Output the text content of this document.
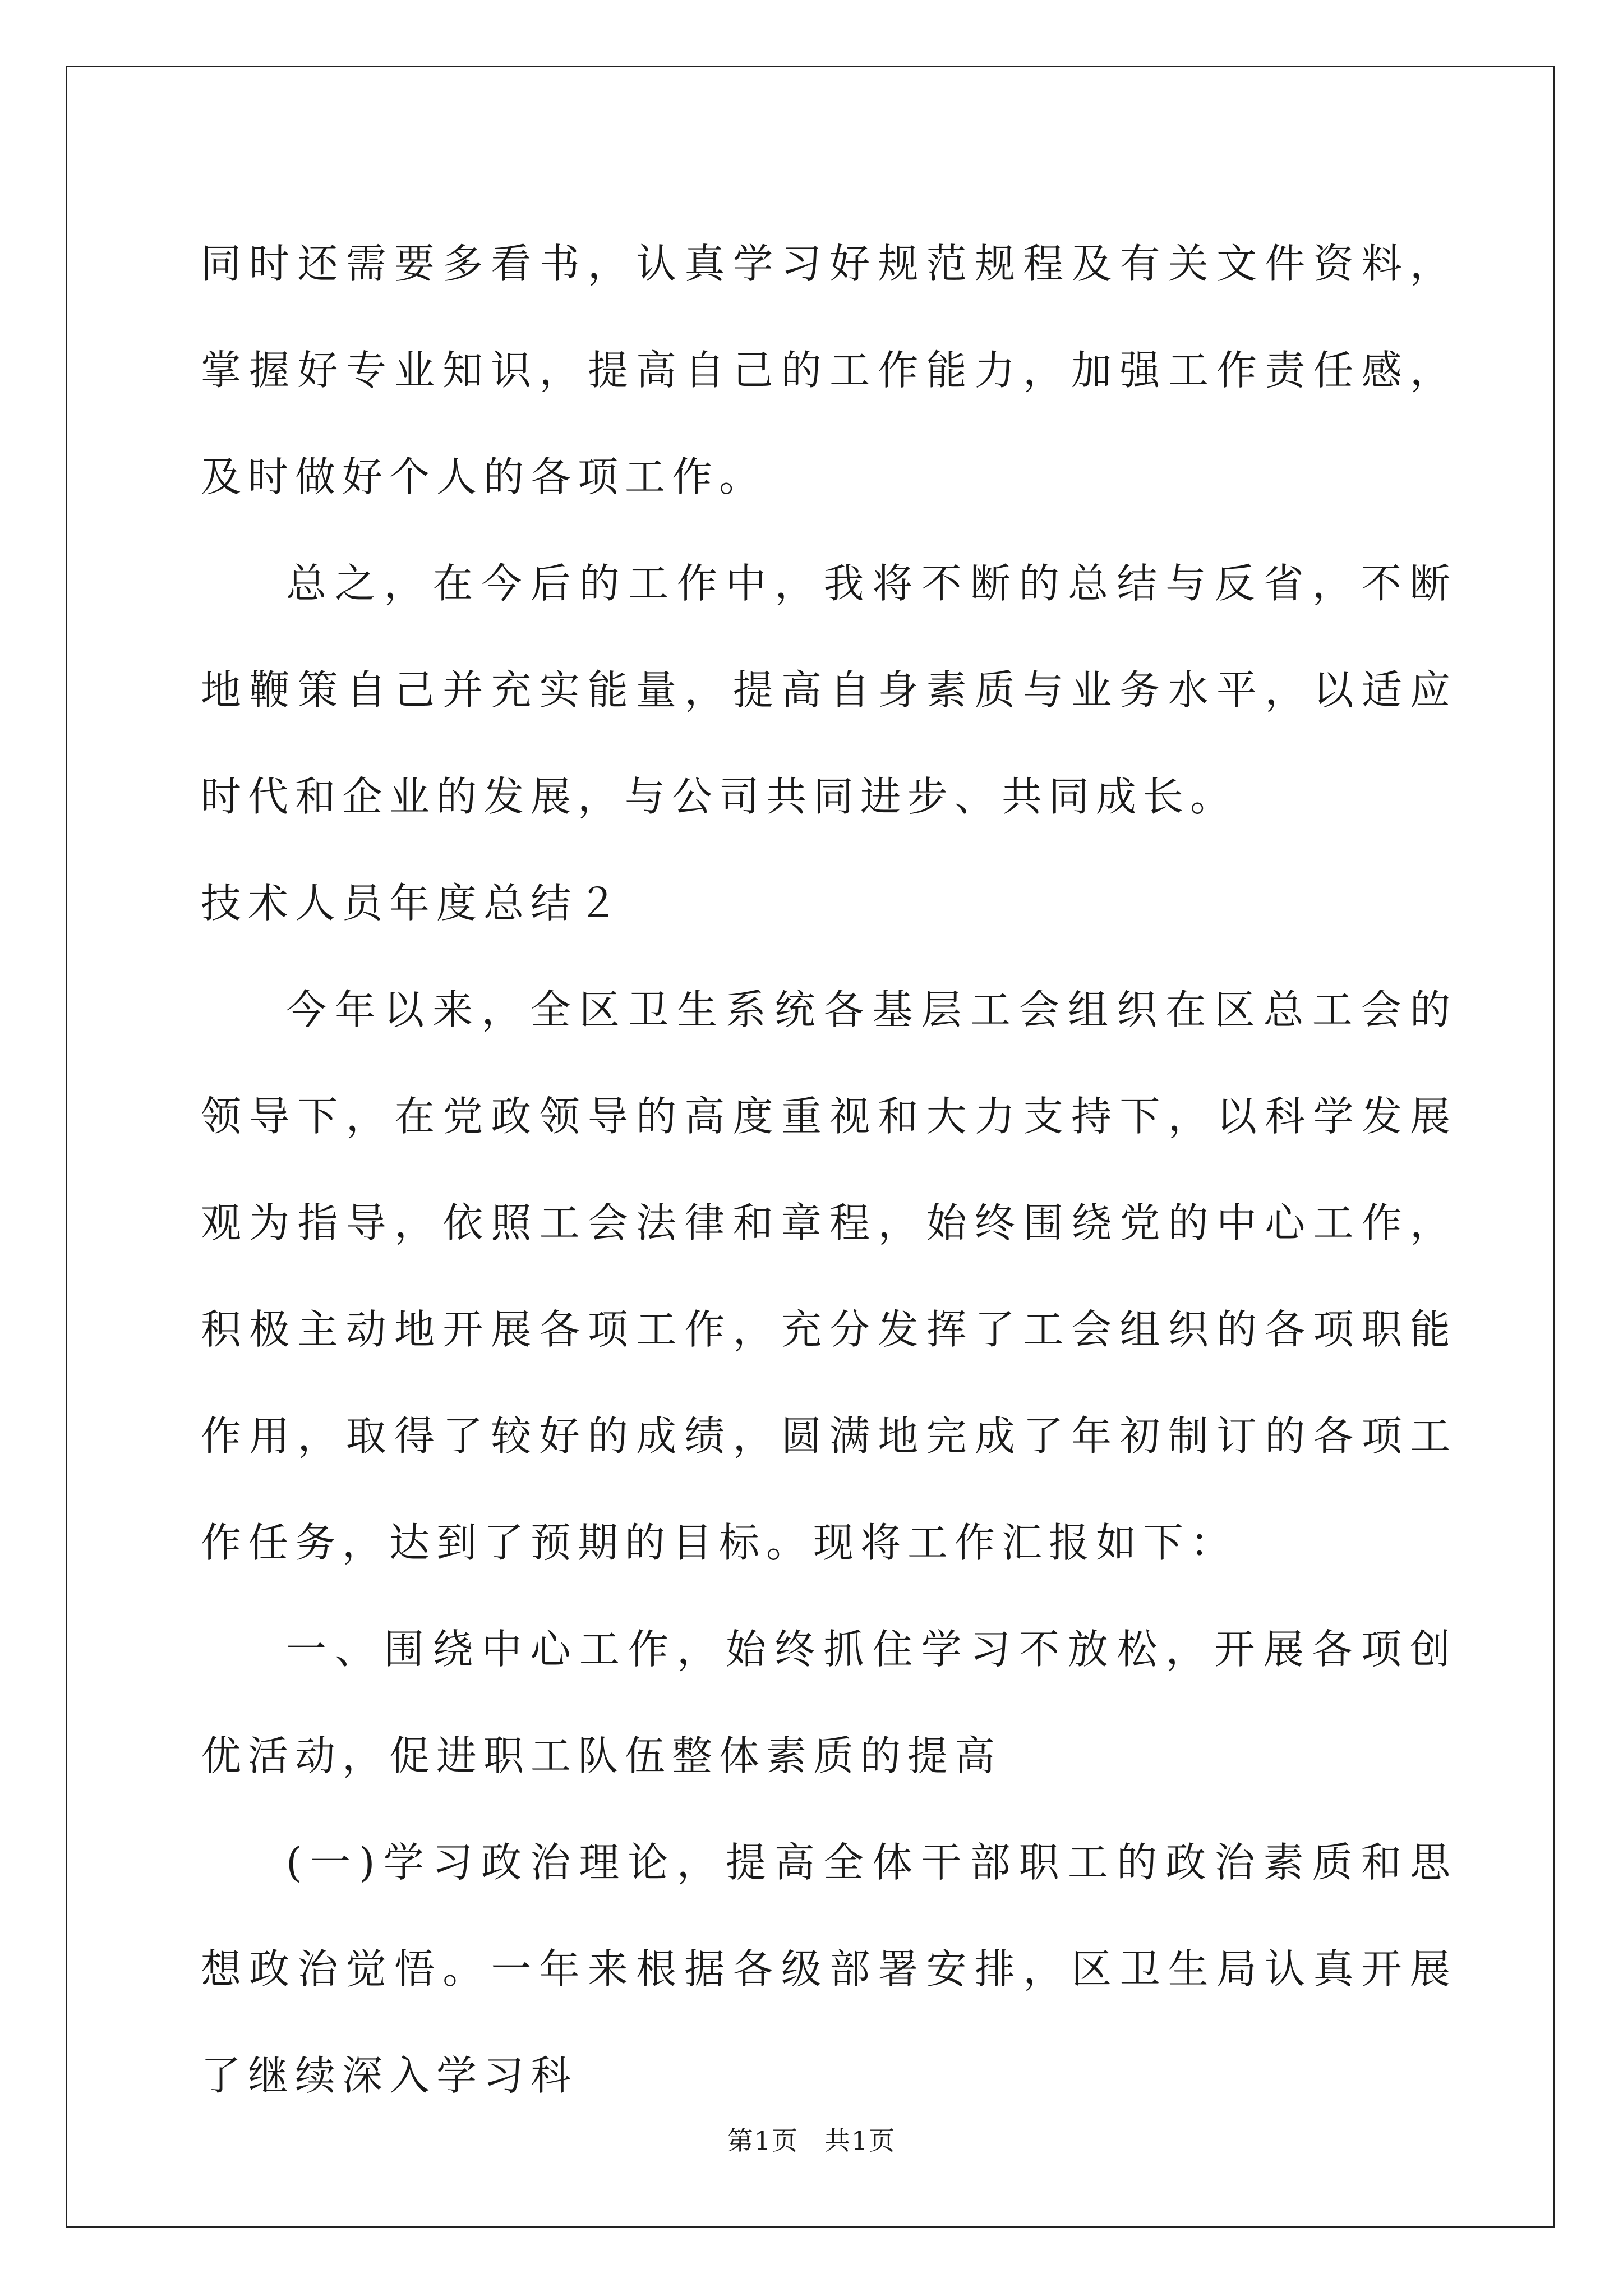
同时还需要多看书，认真学习好规范规程及有关文件资料，掌握好专业知识，提高自己的工作能力，加强工作责任感，及时做好个人的各项工作。

总之，在今后的工作中，我将不断的总结与反省，不断地鞭策自己并充实能量，提高自身素质与业务水平，以适应时代和企业的发展，与公司共同进步、共同成长。

技术人员年度总结２

今年以来，全区卫生系统各基层工会组织在区总工会的领导下，在党政领导的高度重视和大力支持下，以科学发展观为指导，依照工会法律和章程，始终围绕党的中心工作，积极主动地开展各项工作，充分发挥了工会组织的各项职能作用，取得了较好的成绩，圆满地完成了年初制订的各项工作任务，达到了预期的目标。现将工作汇报如下：

一、围绕中心工作，始终抓住学习不放松，开展各项创优活动，促进职工队伍整体素质的提高

(一)学习政治理论，提高全体干部职工的政治素质和思想政治觉悟。一年来根据各级部署安排，区卫生局认真开展了继续深入学习科

第1页 共1页
